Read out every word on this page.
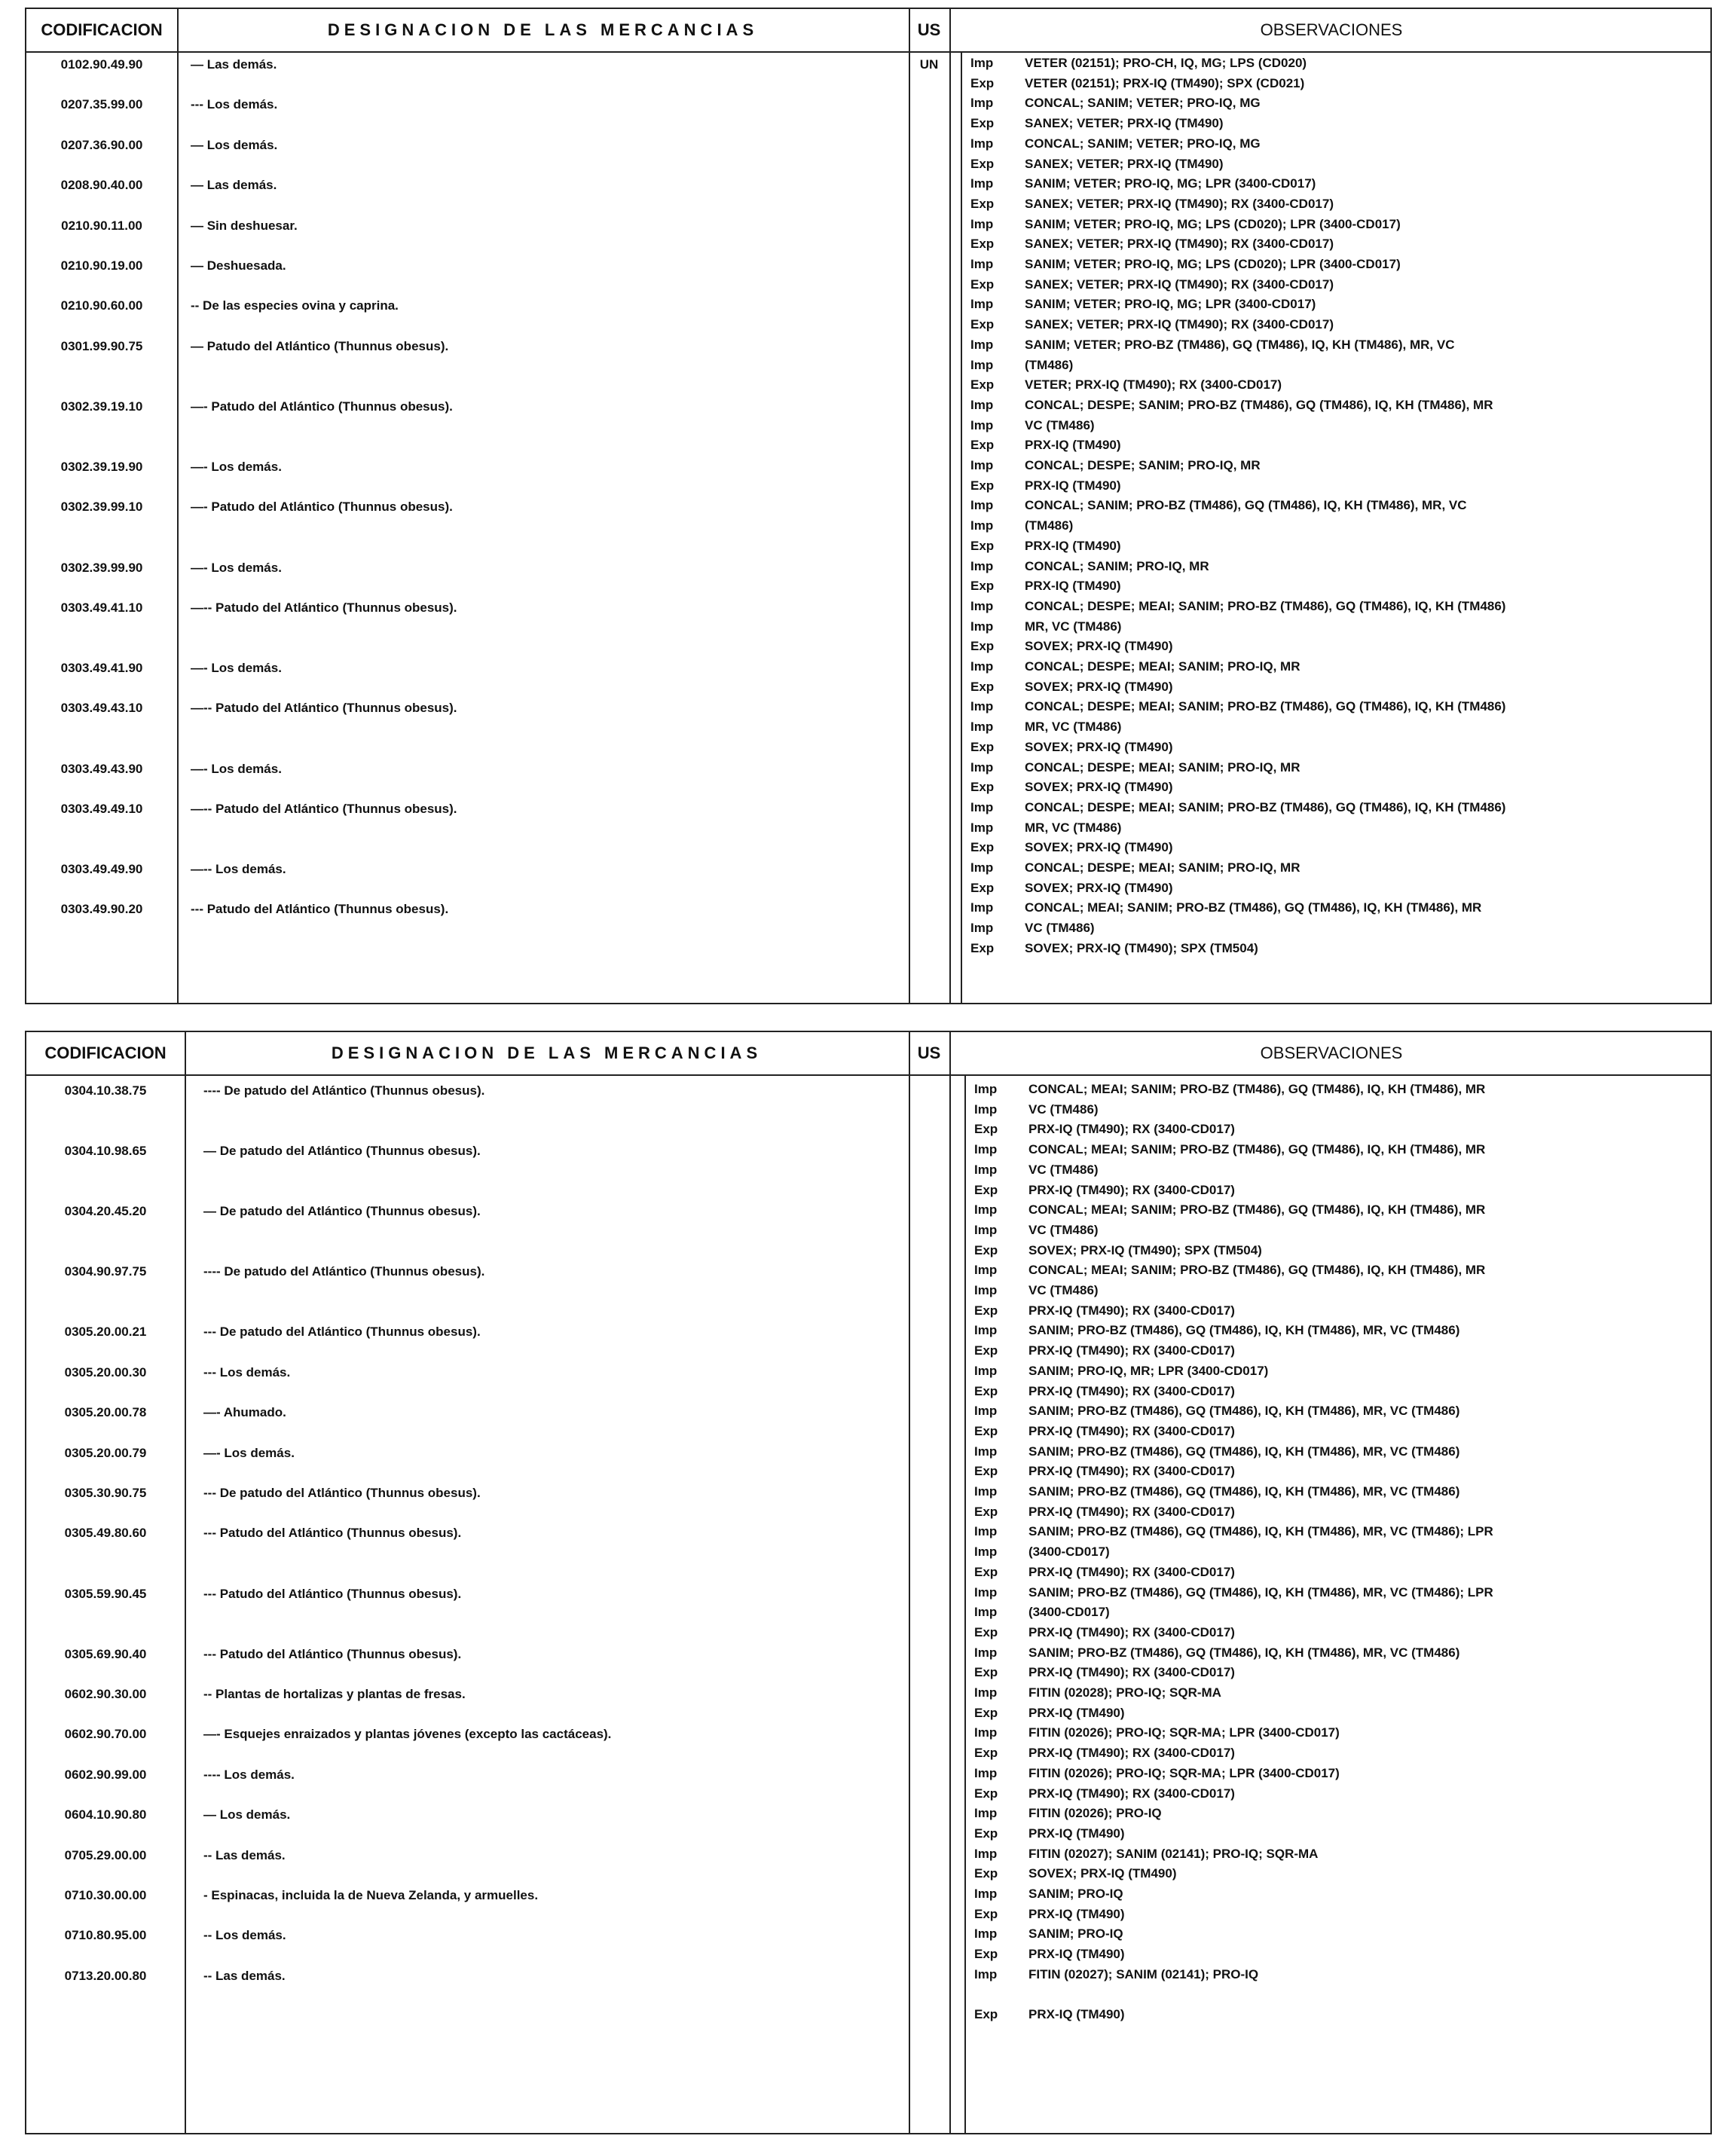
CODIFICACION	DESIGNACION DE LAS MERCANCIAS	US	OBSERVACIONES
0102.90.49.90	— Las demás.	UN	Imp VETER (02151); PRO-CH, IQ, MG; LPS (CD020)
Exp VETER (02151); PRX-IQ (TM490); SPX (CD021)
0207.35.99.00	--- Los demás.	Imp CONCAL; SANIM; VETER; PRO-IQ, MG
Exp SANEX; VETER; PRX-IQ (TM490)
0207.36.90.00	— Los demás.	Imp CONCAL; SANIM; VETER; PRO-IQ, MG
Exp SANEX; VETER; PRX-IQ (TM490)
0208.90.40.00	— Las demás.	Imp SANIM; VETER; PRO-IQ, MG; LPR (3400-CD017)
Exp SANEX; VETER; PRX-IQ (TM490); RX (3400-CD017)
0210.90.11.00	— Sin deshuesar.	Imp SANIM; VETER; PRO-IQ, MG; LPS (CD020); LPR (3400-CD017)
Exp SANEX; VETER; PRX-IQ (TM490); RX (3400-CD017)
0210.90.19.00	— Deshuesada.	Imp SANIM; VETER; PRO-IQ, MG; LPS (CD020); LPR (3400-CD017)
Exp SANEX; VETER; PRX-IQ (TM490); RX (3400-CD017)
0210.90.60.00	-- De las especies ovina y caprina.	Imp SANIM; VETER; PRO-IQ, MG; LPR (3400-CD017)
Exp SANEX; VETER; PRX-IQ (TM490); RX (3400-CD017)
0301.99.90.75	— Patudo del Atlántico (Thunnus obesus).	Imp SANIM; VETER; PRO-BZ (TM486), GQ (TM486), IQ, KH (TM486), MR, VC
Imp (TM486)
Exp VETER; PRX-IQ (TM490); RX (3400-CD017)
0302.39.19.10	—- Patudo del Atlántico (Thunnus obesus).	Imp CONCAL; DESPE; SANIM; PRO-BZ (TM486), GQ (TM486), IQ, KH (TM486), MR
Imp VC (TM486)
Exp PRX-IQ (TM490)
0302.39.19.90	—- Los demás.	Imp CONCAL; DESPE; SANIM; PRO-IQ, MR
Exp PRX-IQ (TM490)
0302.39.99.10	—- Patudo del Atlántico (Thunnus obesus).	Imp CONCAL; SANIM; PRO-BZ (TM486), GQ (TM486), IQ, KH (TM486), MR, VC
Imp (TM486)
Exp PRX-IQ (TM490)
0302.39.99.90	—- Los demás.	Imp CONCAL; SANIM; PRO-IQ, MR
Exp PRX-IQ (TM490)
0303.49.41.10	—-- Patudo del Atlántico (Thunnus obesus).	Imp CONCAL; DESPE; MEAI; SANIM; PRO-BZ (TM486), GQ (TM486), IQ, KH (TM486)
Imp MR, VC (TM486)
Exp SOVEX; PRX-IQ (TM490)
0303.49.41.90	—- Los demás.	Imp CONCAL; DESPE; MEAI; SANIM; PRO-IQ, MR
Exp SOVEX; PRX-IQ (TM490)
0303.49.43.10	—-- Patudo del Atlántico (Thunnus obesus).	Imp CONCAL; DESPE; MEAI; SANIM; PRO-BZ (TM486), GQ (TM486), IQ, KH (TM486)
Imp MR, VC (TM486)
Exp SOVEX; PRX-IQ (TM490)
0303.49.43.90	—- Los demás.	Imp CONCAL; DESPE; MEAI; SANIM; PRO-IQ, MR
Exp SOVEX; PRX-IQ (TM490)
0303.49.49.10	—-- Patudo del Atlántico (Thunnus obesus).	Imp CONCAL; DESPE; MEAI; SANIM; PRO-BZ (TM486), GQ (TM486), IQ, KH (TM486)
Imp MR, VC (TM486)
Exp SOVEX; PRX-IQ (TM490)
0303.49.49.90	—-- Los demás.	Imp CONCAL; DESPE; MEAI; SANIM; PRO-IQ, MR
Exp SOVEX; PRX-IQ (TM490)
0303.49.90.20	--- Patudo del Atlántico (Thunnus obesus).	Imp CONCAL; MEAI; SANIM; PRO-BZ (TM486), GQ (TM486), IQ, KH (TM486), MR
Imp VC (TM486)
Exp SOVEX; PRX-IQ (TM490); SPX (TM504)
CODIFICACION	DESIGNACION DE LAS MERCANCIAS	US	OBSERVACIONES
0304.10.38.75	---- De patudo del Atlántico (Thunnus obesus).	Imp CONCAL; MEAI; SANIM; PRO-BZ (TM486), GQ (TM486), IQ, KH (TM486), MR
Imp VC (TM486)
Exp PRX-IQ (TM490); RX (3400-CD017)
0304.10.98.65	— De patudo del Atlántico (Thunnus obesus).	Imp CONCAL; MEAI; SANIM; PRO-BZ (TM486), GQ (TM486), IQ, KH (TM486), MR
Imp VC (TM486)
Exp PRX-IQ (TM490); RX (3400-CD017)
0304.20.45.20	— De patudo del Atlántico (Thunnus obesus).	Imp CONCAL; MEAI; SANIM; PRO-BZ (TM486), GQ (TM486), IQ, KH (TM486), MR
Imp VC (TM486)
Exp SOVEX; PRX-IQ (TM490); SPX (TM504)
0304.90.97.75	---- De patudo del Atlántico (Thunnus obesus).	Imp CONCAL; MEAI; SANIM; PRO-BZ (TM486), GQ (TM486), IQ, KH (TM486), MR
Imp VC (TM486)
Exp PRX-IQ (TM490); RX (3400-CD017)
0305.20.00.21	--- De patudo del Atlántico (Thunnus obesus).	Imp SANIM; PRO-BZ (TM486), GQ (TM486), IQ, KH (TM486), MR, VC (TM486)
Exp PRX-IQ (TM490); RX (3400-CD017)
0305.20.00.30	--- Los demás.	Imp SANIM; PRO-IQ, MR; LPR (3400-CD017)
Exp PRX-IQ (TM490); RX (3400-CD017)
0305.20.00.78	—- Ahumado.	Imp SANIM; PRO-BZ (TM486), GQ (TM486), IQ, KH (TM486), MR, VC (TM486)
Exp PRX-IQ (TM490); RX (3400-CD017)
0305.20.00.79	—- Los demás.	Imp SANIM; PRO-BZ (TM486), GQ (TM486), IQ, KH (TM486), MR, VC (TM486)
Exp PRX-IQ (TM490); RX (3400-CD017)
0305.30.90.75	--- De patudo del Atlántico (Thunnus obesus).	Imp SANIM; PRO-BZ (TM486), GQ (TM486), IQ, KH (TM486), MR, VC (TM486)
Exp PRX-IQ (TM490); RX (3400-CD017)
0305.49.80.60	--- Patudo del Atlántico (Thunnus obesus).	Imp SANIM; PRO-BZ (TM486), GQ (TM486), IQ, KH (TM486), MR, VC (TM486); LPR
Imp (3400-CD017)
Exp PRX-IQ (TM490); RX (3400-CD017)
0305.59.90.45	--- Patudo del Atlántico (Thunnus obesus).	Imp SANIM; PRO-BZ (TM486), GQ (TM486), IQ, KH (TM486), MR, VC (TM486); LPR
Imp (3400-CD017)
Exp PRX-IQ (TM490); RX (3400-CD017)
0305.69.90.40	--- Patudo del Atlántico (Thunnus obesus).	Imp SANIM; PRO-BZ (TM486), GQ (TM486), IQ, KH (TM486), MR, VC (TM486)
Exp PRX-IQ (TM490); RX (3400-CD017)
0602.90.30.00	-- Plantas de hortalizas y plantas de fresas.	Imp FITIN (02028); PRO-IQ; SQR-MA
Exp PRX-IQ (TM490)
0602.90.70.00	—- Esquejes enraizados y plantas jóvenes (excepto las cactáceas).	Imp FITIN (02026); PRO-IQ; SQR-MA; LPR (3400-CD017)
Exp PRX-IQ (TM490); RX (3400-CD017)
0602.90.99.00	---- Los demás.	Imp FITIN (02026); PRO-IQ; SQR-MA; LPR (3400-CD017)
Exp PRX-IQ (TM490); RX (3400-CD017)
0604.10.90.80	— Los demás.	Imp FITIN (02026); PRO-IQ
Exp PRX-IQ (TM490)
0705.29.00.00	-- Las demás.	Imp FITIN (02027); SANIM (02141); PRO-IQ; SQR-MA
Exp SOVEX; PRX-IQ (TM490)
0710.30.00.00	- Espinacas, incluida la de Nueva Zelanda, y armuelles.	Imp SANIM; PRO-IQ
Exp PRX-IQ (TM490)
0710.80.95.00	-- Los demás.	Imp SANIM; PRO-IQ
Exp PRX-IQ (TM490)
0713.20.00.80	-- Las demás.	Imp FITIN (02027); SANIM (02141); PRO-IQ
Exp PRX-IQ (TM490)
